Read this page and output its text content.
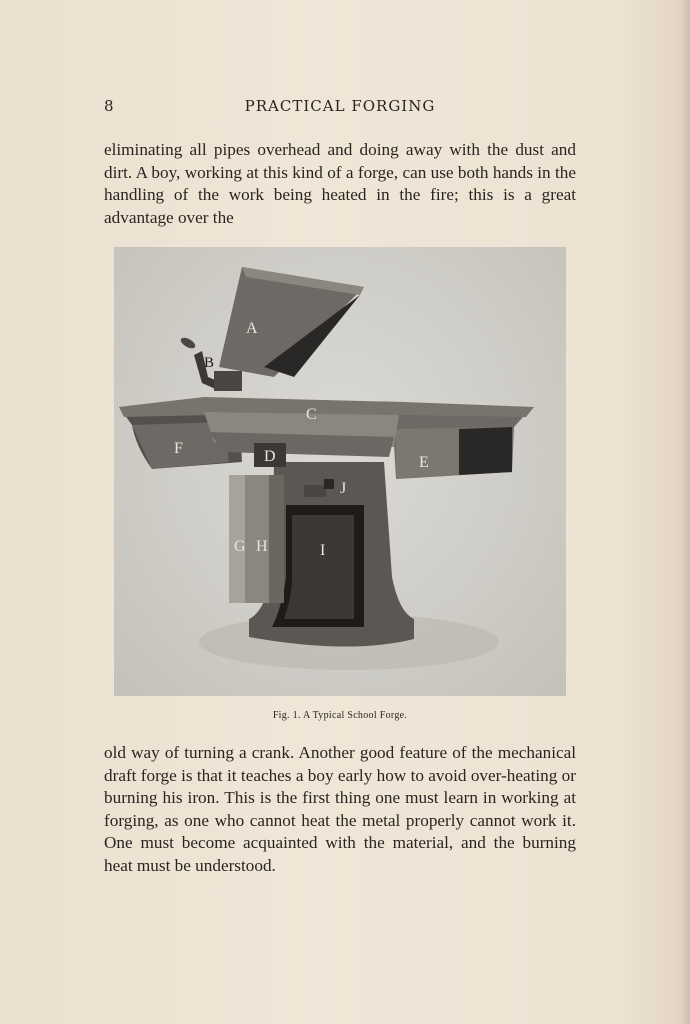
8	PRACTICAL FORGING

eliminating all pipes overhead and doing away with the dust and dirt. A boy, working at this kind of a forge, can use both hands in the handling of the work being heated in the fire; this is a great advantage over the

A
B
C
D	E
F
G H	I
J
Fig. 1. A Typical School Forge.

old way of turning a crank. Another good feature of the mechanical draft forge is that it teaches a boy early how to avoid over-heating or burning his iron. This is the first thing one must learn in working at forging, as one who cannot heat the metal properly cannot work it. One must become acquainted with the material, and the burning heat must be understood.
